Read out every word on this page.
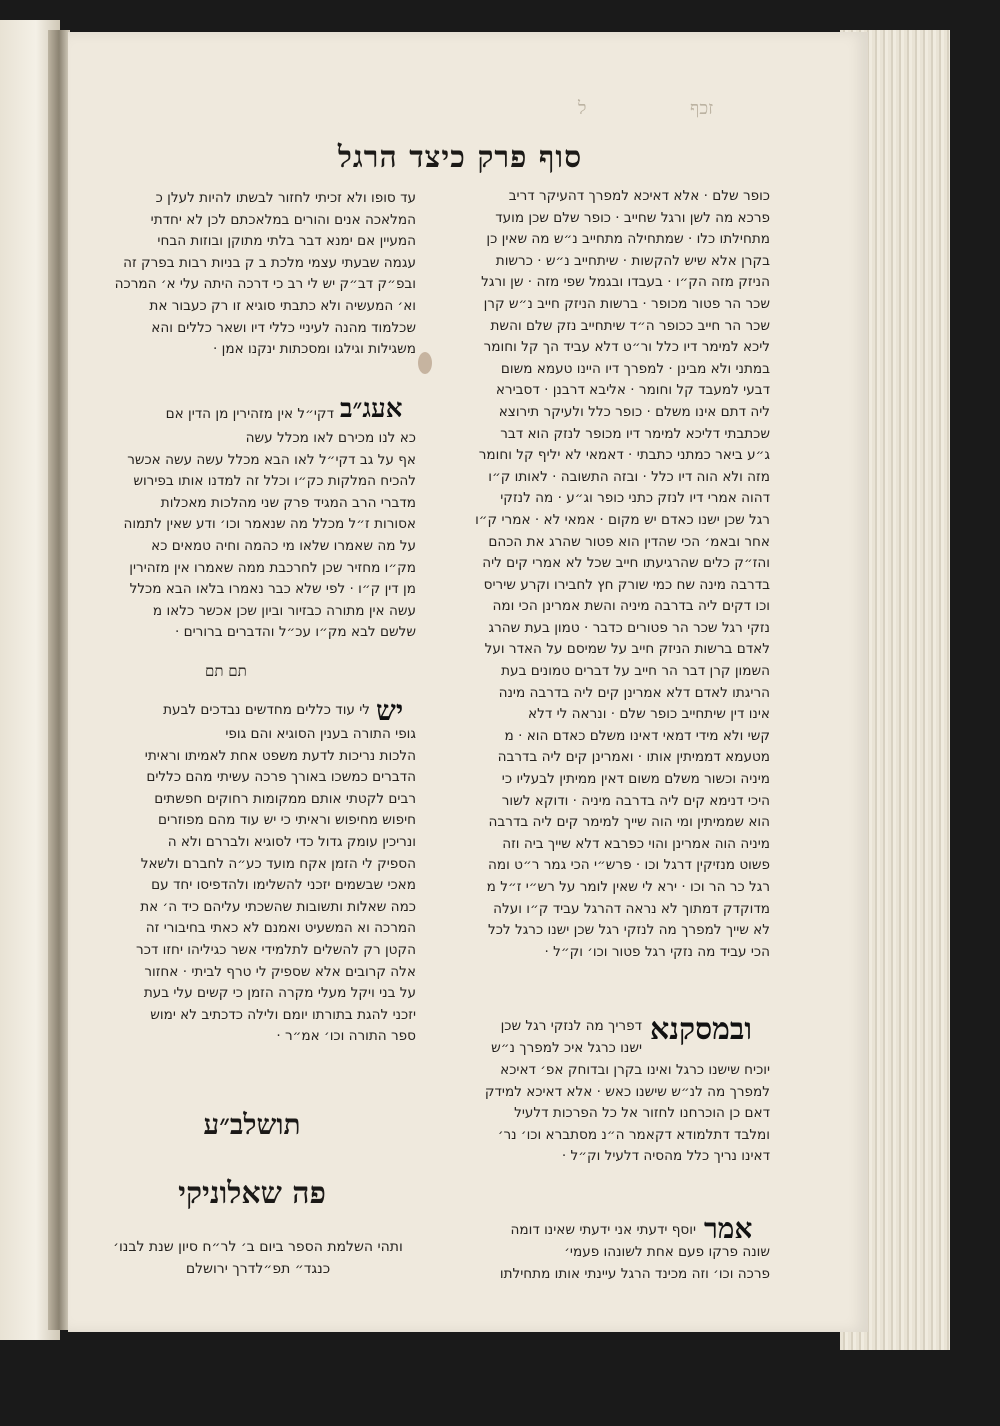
זכף
ל
סוף פרק כיצד הרגל
כופר שלם · אלא דאיכא למפרך דהעיקר דריב
פרכא מה לשן ורגל שחייב · כופר שלם שכן מועד
מתחילתו כלו · שמתחילה מתחייב נ״ש מה שאין כן
בקרן אלא שיש להקשות · שיתחייב נ״ש · כרשות
הניזק מזה הק״ו · בעבדו ובגמל שפי מזה · שן ורגל
שכר הר פטור מכופר · ברשות הניזק חייב נ״ש קרן
שכר הר חייב ככופר ה״ד שיתחייב נזק שלם והשת
ליכא למימר דיו כלל ור״ט דלא עביד הך קל וחומר
במתני ולא מבינן · למפרך דיו היינו טעמא משום
דבעי למעבד קל וחומר · אליבא דרבנן · דסבירא
ליה דתם אינו משלם · כופר כלל ולעיקר תירוצא
שכתבתי דליכא למימר דיו מכופר לנזק הוא דבר
ג״ע ביאר כמתני כתבתי · דאמאי לא יליף קל וחומר
מזה ולא הוה דיו כלל · ובזה התשובה · לאותו ק״ו
דהוה אמרי דיו לנזק כתני כופר וג״ע · מה לנזקי
רגל שכן ישנו כאדם יש מקום · אמאי לא · אמרי ק״ו
אחר ובאמ׳ הכי שהדין הוא פטור שהרג את הכהם
והז״ק כלים שהרגיעתו חייב שכל לא אמרי קים ליה
בדרבה מינה שח כמי שורק חץ לחבירו וקרע שיריס
וכו דקים ליה בדרבה מיניה והשת אמרינן הכי ומה
נזקי רגל שכר הר פטורים כדבר · טמון בעת שהרג
לאדם ברשות הניזק חייב על שמיסם על האדר ועל
השמון קרן דבר הר חייב על דברים טמונים בעת
הריגתו לאדם דלא אמרינן קים ליה בדרבה מינה
אינו דין שיתחייב כופר שלם · ונראה לי דלא
קשי ולא מידי דמאי דאינו משלם כאדם הוא · מ
מטעמא דממיתין אותו · ואמרינן קים ליה בדרבה
מיניה וכשור משלם משום דאין ממיתין לבעליו כי
היכי דנימא קים ליה בדרבה מיניה · ודוקא לשור
הוא שממיתין ומי הוה שייך למימר קים ליה בדרבה
מיניה הוה אמרינן והוי כפרבא דלא שייך ביה וזה
פשוט מנזיקין דרגל וכו · פרש״י הכי גמר ר״ט ומה
רגל כר הר וכו · ירא לי שאין לומר על רש״י ז״ל מ
מדוקדק דמתוך לא נראה דהרגל עביד ק״ו ועלה
לא שייך למפרך מה לנזקי רגל שכן ישנו כרגל לכל
הכי עביד מה נזקי רגל פטור וכו׳ וק״ל ·
ובמסקנא
דפריך מה לנזקי רגל שכן
ישנו כרגל איכ למפרך נ״ש
יוכיח שישנו כרגל ואינו בקרן ובדוחק אפ׳ דאיכא
למפרך מה לנ״ש שישנו כאש · אלא דאיכא למידק
דאם כן הוכרחנו לחזור אל כל הפרכות דלעיל
ומלבד דתלמודא דקאמר ה״נ מסתברא וכו׳ נר׳
דאינו נריך כלל מהסיה דלעיל וק״ל ·
עד סופו ולא זכיתי לחזור לבשתו להיות לעלן כ
המלאכה אנים והורים במלאכתם לכן לא יחדתי
המעיין אם ימנא דבר בלתי מתוקן ובוזות הבחי
עגמה שבעתי עצמי מלכת ב ק בניות רבות בפרק זה
ובפ״ק דב״ק יש לי רב כי דרכה היתה עלי א׳ המרכה
וא׳ המעשיה ולא כתבתי סוגיא זו רק כעבור את
שכלמוד מהנה לעיניי כללי דיו ושאר כללים והא
משגילות וגילגו ומסכתות ינקנו אמן ·
אעג״ב
דקי״ל אין מזהירין מן הדין אם
כא לנו מכירם לאו מכלל עשה
אף על גב דקי״ל לאו הבא מכלל עשה עשה אכשר
להכיח המלקות כק״ו וכלל זה למדנו אותו בפירוש
מדברי הרב המגיד פרק שני מהלכות מאכלות
אסורות ז״ל מכלל מה שנאמר וכו׳ ודע שאין לתמוה
על מה שאמרו שלאו מי כהמה וחיה טמאים כא
מק״ו מחזיר שכן לחרכבת ממה שאמרו אין מזהירין
מן דין ק״ו · לפי שלא כבר נאמרו בלאו הבא מכלל
עשה אין מתורה כבזיור וביון שכן אכשר כלאו מ
שלשם לבא מק״ו עכ״ל והדברים ברורים ·
תם תם
יש
לי עוד כללים מחדשים נבדכים לבעת
גופי התורה בענין הסוגיא והם גופי
הלכות נריכות לדעת משפט אחת לאמיתו וראיתי
הדברים כמשכו באורך פרכה עשיתי מהם כללים
רבים לקטתי אותם ממקומות רחוקים חפשתים
חיפוש מחיפוש וראיתי כי יש עוד מהם מפוזרים
ונריכין עומק גדול כדי לסוגיא ולבררם ולא ה
הספיק לי הזמן אקח מועד כע״ה לחברם ולשאל
מאכי שבשמים יזכני להשלימו ולהדפיסו יחד עם
כמה שאלות ותשובות שהשכתי עליהם כיד ה׳ את
המרכה וא המשעיט ואמנם לא כאתי בחיבורי זה
הקטן רק להשלים לתלמידי אשר כגיליהו יחזו דכר
אלה קרובים אלא שספיק לי טרף לביתי · אחזור
על בני ויקל מעלי מקרה הזמן כי קשים עלי בעת
יזכני להגת בתורתו יומם ולילה כדכתיב לא ימוש
ספר התורה וכו׳ אמ״ר ·
תושלב״ע
פה שאלוניקי
ותהי השלמת הספר ביום ב׳ לר״ח סיון שנת לבנו׳
כנגד״ תפ״לדרך ירושלם
אמר
יוסף ידעתי אני ידעתי שאינו דומה
שונה פרקו פעם אחת לשונהו פעמי׳
פרכה וכו׳ וזה מכינד הרגל עיינתי אותו מתחילתו
